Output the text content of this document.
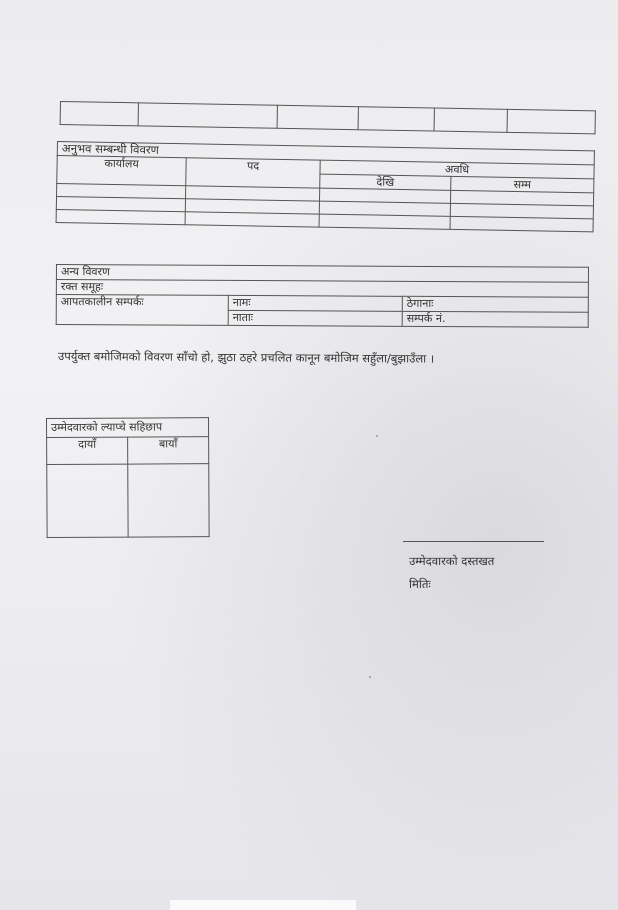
अनुभव सम्बन्धी विवरण			
कार्यालय	पद	अवधि	
		देखि	सम्म

अन्य विवरण		
रक्त समूहः		
आपतकालीन सम्पर्कः	नामः	ठेगानाः
	नाताः	सम्पर्क नं.
उपर्युक्त बमोजिमको विवरण साँचो हो, झुठा ठहरे प्रचलित कानून बमोजिम सहुँला/बुझाउँला ।
उम्मेदवारको ल्याप्चे सहिछाप	
दायाँ	बायाँ

उम्मेदवारको दस्तखत
मितिः
